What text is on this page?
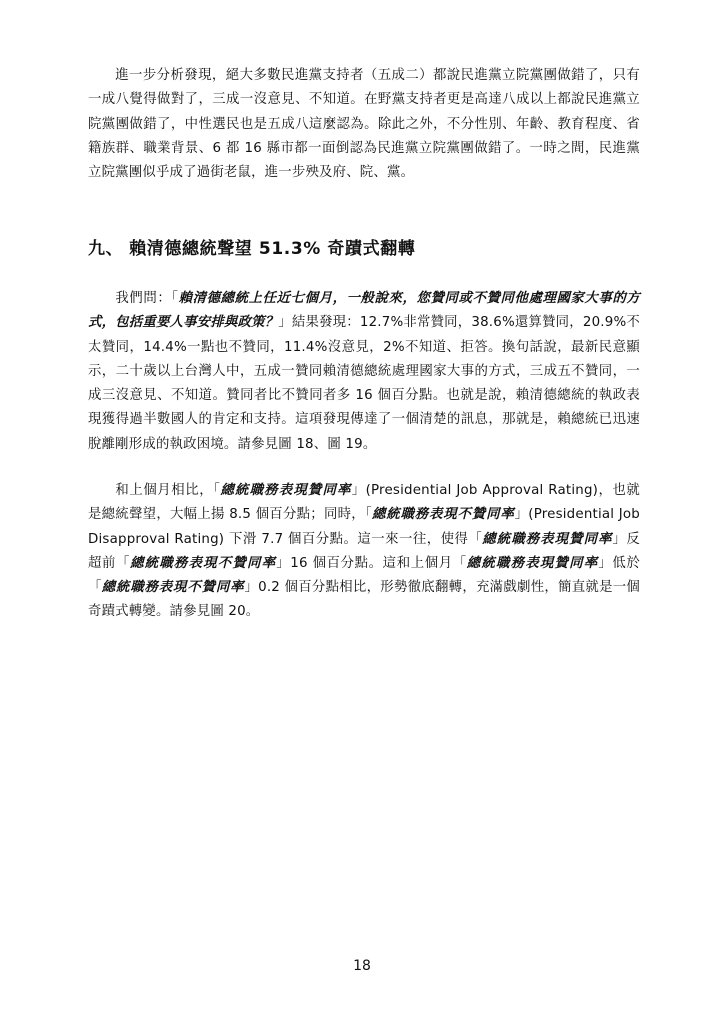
進一步分析發現，絕大多數民進黨支持者（五成二）都說民進黨立院黨團做錯了，只有一成八覺得做對了，三成一沒意見、不知道。在野黨支持者更是高達八成以上都說民進黨立院黨團做錯了，中性選民也是五成八這麼認為。除此之外，不分性別、年齡、教育程度、省籍族群、職業背景、6 都 16 縣市都一面倒認為民進黨立院黨團做錯了。一時之間，民進黨立院黨團似乎成了過街老鼠，進一步殃及府、院、黨。

九、 賴清德總統聲望 51.3% 奇蹟式翻轉

我們問：「賴清德總統上任近七個月，一般說來，您贊同或不贊同他處理國家大事的方式，包括重要人事安排與政策？」結果發現：12.7%非常贊同，38.6%還算贊同，20.9%不太贊同，14.4%一點也不贊同，11.4%沒意見，2%不知道、拒答。換句話說，最新民意顯示，二十歲以上台灣人中，五成一贊同賴清德總統處理國家大事的方式，三成五不贊同，一成三沒意見、不知道。贊同者比不贊同者多 16 個百分點。也就是說，賴清德總統的執政表現獲得過半數國人的肯定和支持。這項發現傳達了一個清楚的訊息，那就是，賴總統已迅速脫離剛形成的執政困境。請參見圖 18、圖 19。

和上個月相比，「總統職務表現贊同率」(Presidential Job Approval Rating)，也就是總統聲望，大幅上揚 8.5 個百分點；同時，「總統職務表現不贊同率」(Presidential Job Disapproval Rating) 下滑 7.7 個百分點。這一來一往，使得「總統職務表現贊同率」反超前「總統職務表現不贊同率」16 個百分點。這和上個月「總統職務表現贊同率」低於「總統職務表現不贊同率」0.2 個百分點相比，形勢徹底翻轉，充滿戲劇性，簡直就是一個奇蹟式轉變。請參見圖 20。

18
